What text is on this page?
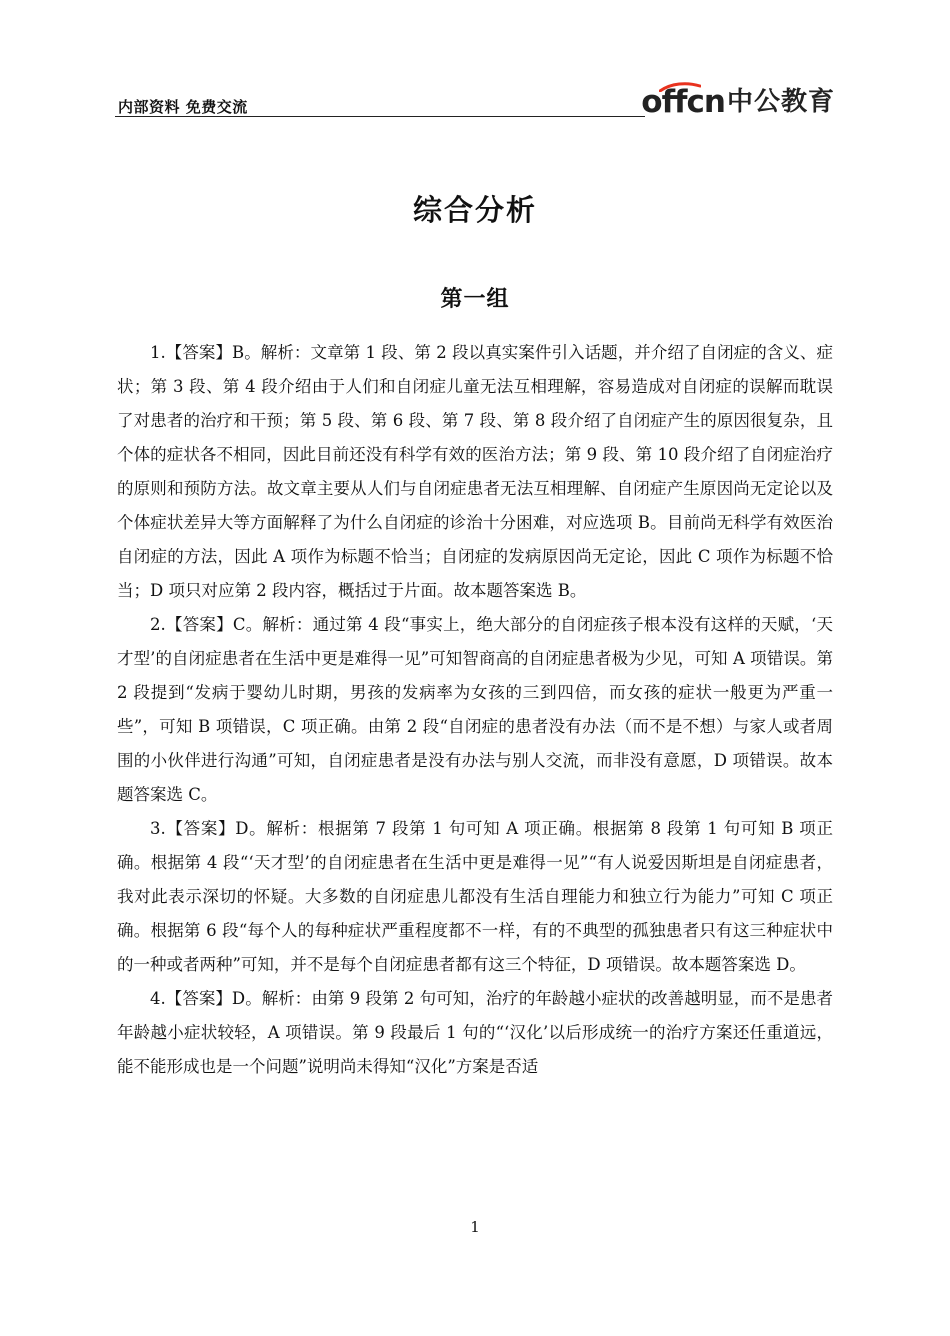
内部资料 免费交流	offcn 中公教育
综合分析
第一组

1.【答案】B。解析：文章第 1 段、第 2 段以真实案件引入话题，并介绍了自闭症的含义、症状；第 3 段、第 4 段介绍由于人们和自闭症儿童无法互相理解，容易造成对自闭症的误解而耽误了对患者的治疗和干预；第 5 段、第 6 段、第 7 段、第 8 段介绍了自闭症产生的原因很复杂，且个体的症状各不相同，因此目前还没有科学有效的医治方法；第 9 段、第 10 段介绍了自闭症治疗的原则和预防方法。故文章主要从人们与自闭症患者无法互相理解、自闭症产生原因尚无定论以及个体症状差异大等方面解释了为什么自闭症的诊治十分困难，对应选项 B。目前尚无科学有效医治自闭症的方法，因此 A 项作为标题不恰当；自闭症的发病原因尚无定论，因此 C 项作为标题不恰当；D 项只对应第 2 段内容，概括过于片面。故本题答案选 B。

2.【答案】C。解析：通过第 4 段“事实上，绝大部分的自闭症孩子根本没有这样的天赋，‘天才型’的自闭症患者在生活中更是难得一见”可知智商高的自闭症患者极为少见，可知 A 项错误。第 2 段提到“发病于婴幼儿时期，男孩的发病率为女孩的三到四倍，而女孩的症状一般更为严重一些”，可知 B 项错误，C 项正确。由第 2 段“自闭症的患者没有办法（而不是不想）与家人或者周围的小伙伴进行沟通”可知，自闭症患者是没有办法与别人交流，而非没有意愿，D 项错误。故本题答案选 C。

3.【答案】D。解析：根据第 7 段第 1 句可知 A 项正确。根据第 8 段第 1 句可知 B 项正确。根据第 4 段“‘天才型’的自闭症患者在生活中更是难得一见”“有人说爱因斯坦是自闭症患者，我对此表示深切的怀疑。大多数的自闭症患儿都没有生活自理能力和独立行为能力”可知 C 项正确。根据第 6 段“每个人的每种症状严重程度都不一样，有的不典型的孤独患者只有这三种症状中的一种或者两种”可知，并不是每个自闭症患者都有这三个特征，D 项错误。故本题答案选 D。

4.【答案】D。解析：由第 9 段第 2 句可知，治疗的年龄越小症状的改善越明显，而不是患者年龄越小症状较轻，A 项错误。第 9 段最后 1 句的“‘汉化’以后形成统一的治疗方案还任重道远，能不能形成也是一个问题”说明尚未得知“汉化”方案是否适

1
